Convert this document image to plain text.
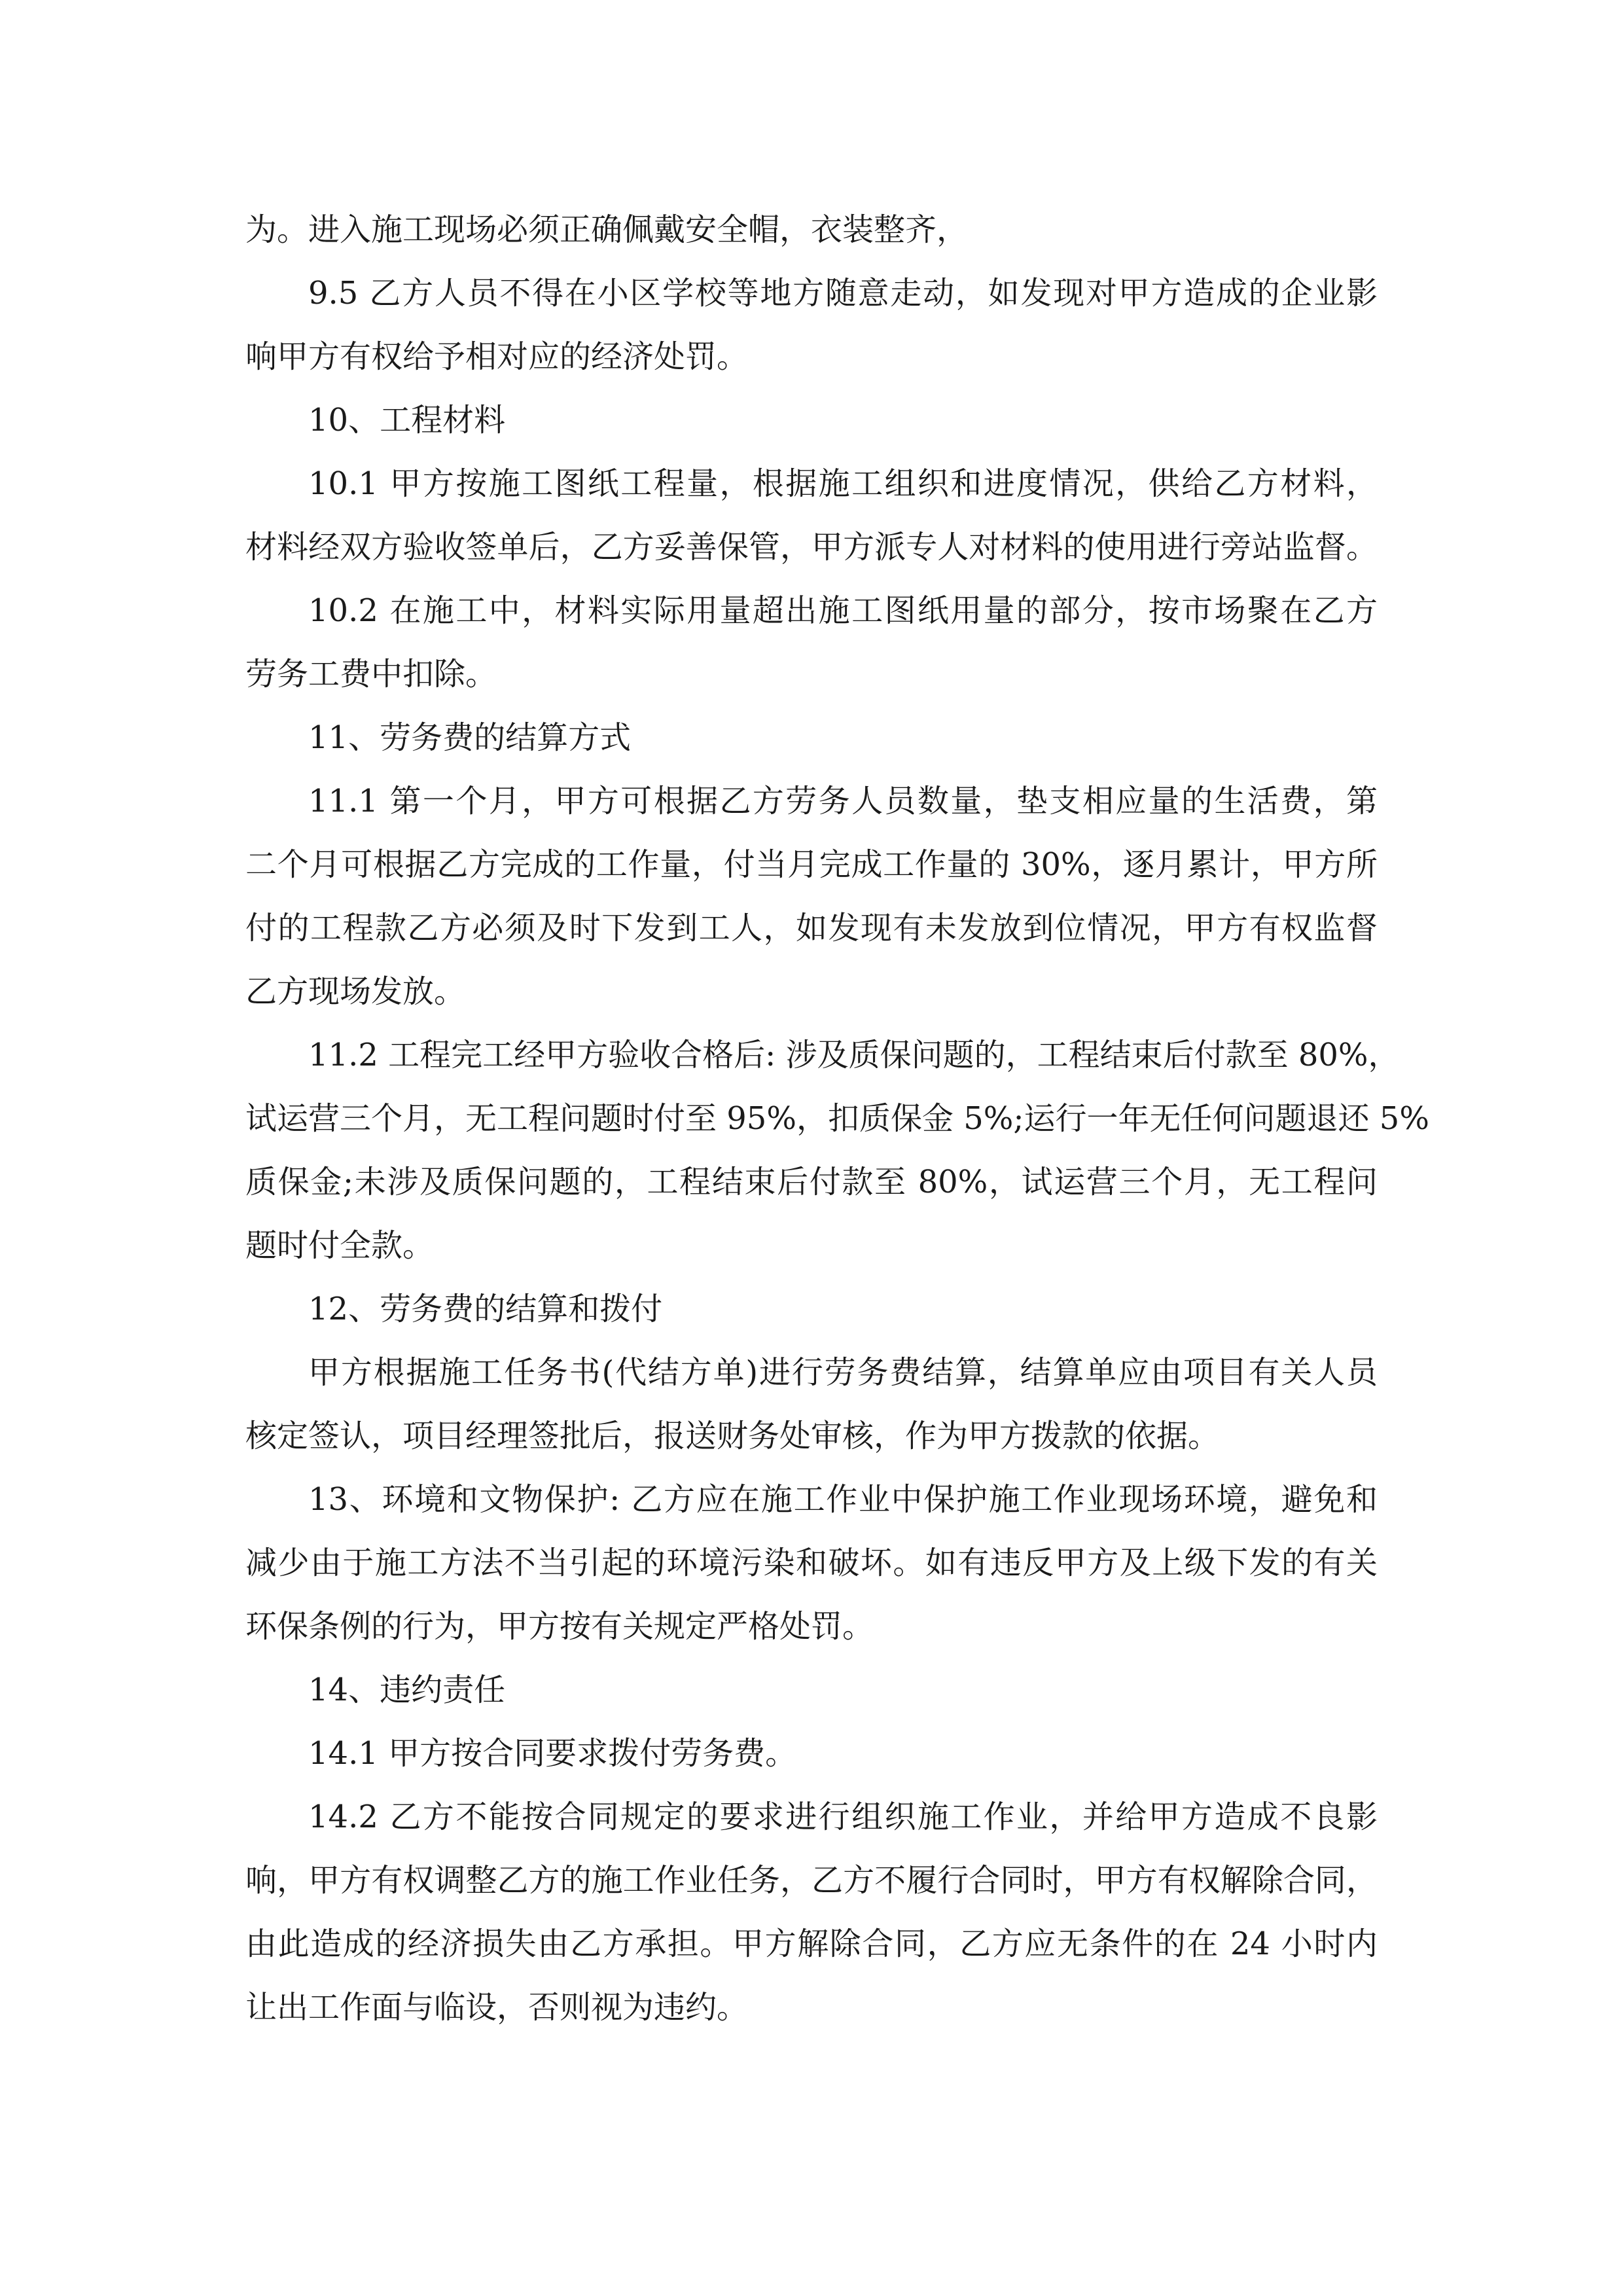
为。进入施工现场必须正确佩戴安全帽，衣装整齐，
9.5 乙方人员不得在小区学校等地方随意走动，如发现对甲方造成的企业影
响甲方有权给予相对应的经济处罚。
10、工程材料
10.1 甲方按施工图纸工程量，根据施工组织和进度情况，供给乙方材料，
材料经双方验收签单后，乙方妥善保管，甲方派专人对材料的使用进行旁站监督。
10.2 在施工中，材料实际用量超出施工图纸用量的部分，按市场聚在乙方
劳务工费中扣除。
11、劳务费的结算方式
11.1 第一个月，甲方可根据乙方劳务人员数量，垫支相应量的生活费，第
二个月可根据乙方完成的工作量，付当月完成工作量的 30%，逐月累计，甲方所
付的工程款乙方必须及时下发到工人，如发现有未发放到位情况，甲方有权监督
乙方现场发放。
11.2 工程完工经甲方验收合格后: 涉及质保问题的，工程结束后付款至 80%，
试运营三个月，无工程问题时付至 95%，扣质保金 5%;运行一年无任何问题退还 5%
质保金;未涉及质保问题的，工程结束后付款至 80%，试运营三个月，无工程问
题时付全款。
12、劳务费的结算和拨付
甲方根据施工任务书(代结方单)进行劳务费结算，结算单应由项目有关人员
核定签认，项目经理签批后，报送财务处审核，作为甲方拨款的依据。
13、环境和文物保护: 乙方应在施工作业中保护施工作业现场环境，避免和
减少由于施工方法不当引起的环境污染和破坏。如有违反甲方及上级下发的有关
环保条例的行为，甲方按有关规定严格处罚。
14、违约责任
14.1 甲方按合同要求拨付劳务费。
14.2 乙方不能按合同规定的要求进行组织施工作业，并给甲方造成不良影
响，甲方有权调整乙方的施工作业任务，乙方不履行合同时，甲方有权解除合同，
由此造成的经济损失由乙方承担。甲方解除合同，乙方应无条件的在 24 小时内
让出工作面与临设，否则视为违约。
